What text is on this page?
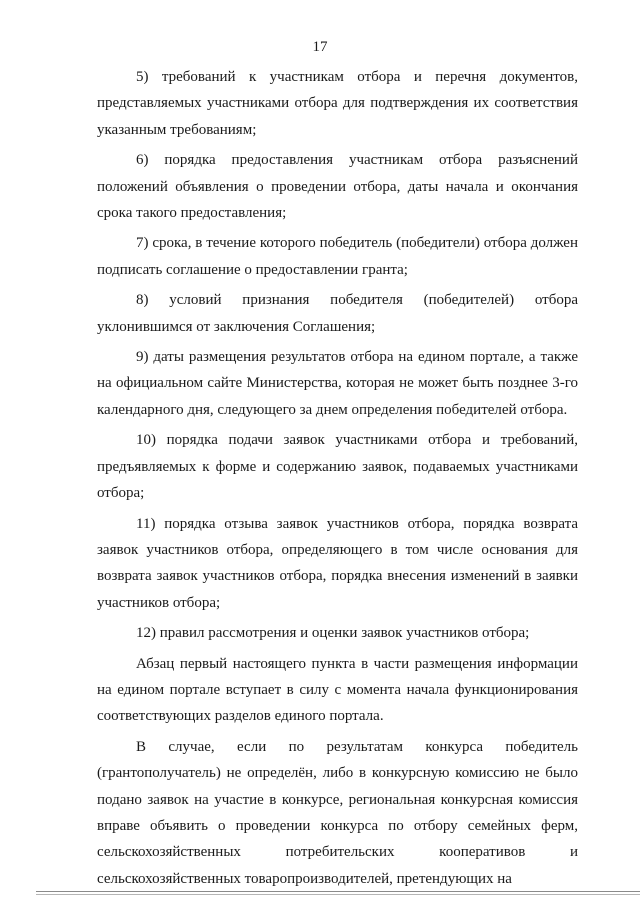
17

5) требований к участникам отбора и перечня документов, представляемых участниками отбора для подтверждения их соответствия указанным требованиям;

6) порядка предоставления участникам отбора разъяснений положений объявления о проведении отбора, даты начала и окончания срока такого предоставления;

7) срока, в течение которого победитель (победители) отбора должен подписать соглашение о предоставлении гранта;

8) условий признания победителя (победителей) отбора уклонившимся от заключения Соглашения;

9) даты размещения результатов отбора на едином портале, а также на официальном сайте Министерства, которая не может быть позднее 3-го календарного дня, следующего за днем определения победителей отбора.

10) порядка подачи заявок участниками отбора и требований, предъявляемых к форме и содержанию заявок, подаваемых участниками отбора;

11) порядка отзыва заявок участников отбора, порядка возврата заявок участников отбора, определяющего в том числе основания для возврата заявок участников отбора, порядка внесения изменений в заявки участников отбора;

12) правил рассмотрения и оценки заявок участников отбора;

Абзац первый настоящего пункта в части размещения информации на едином портале вступает в силу с момента начала функционирования соответствующих разделов единого портала.

В случае, если по результатам конкурса победитель (грантополучатель) не определён, либо в конкурсную комиссию не было подано заявок на участие в конкурсе, региональная конкурсная комиссия вправе объявить о проведении конкурса по отбору семейных ферм, сельскохозяйственных потребительских кооперативов и сельскохозяйственных товаропроизводителей, претендующих на
